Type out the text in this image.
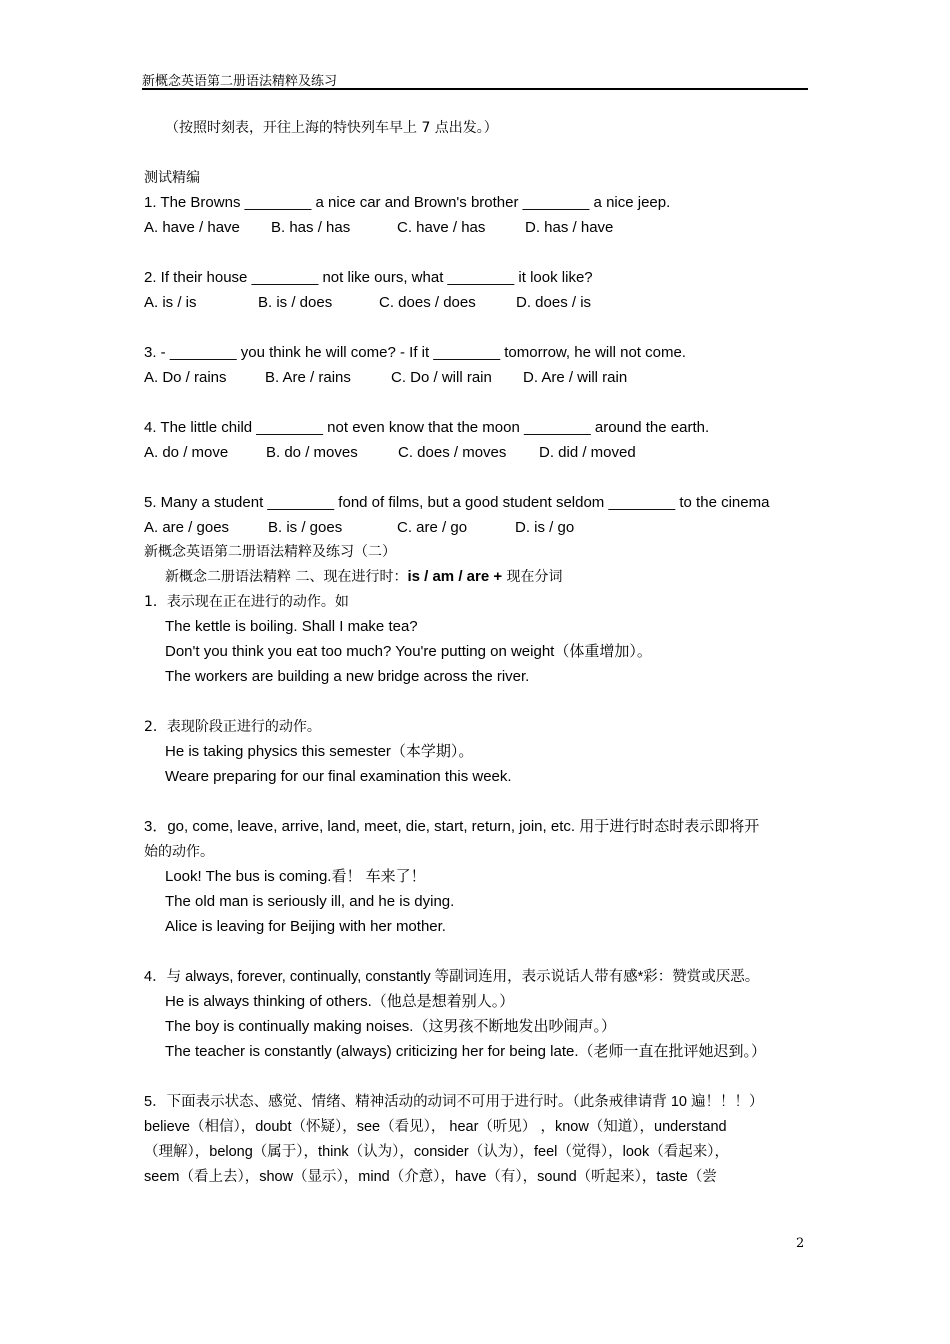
新概念英语第二册语法精粹及练习
（按照时刻表，开往上海的特快列车早上 7 点出发。）
测试精编
1. The Browns ________ a nice car and Brown's brother ________ a nice jeep.
A. have / have B. has / has	C. have / has	D. has / have
2. If their house ________ not like ours, what ________ it look like?
A. is / is	B. is / does	C. does / does	D. does / is
3. - ________ you think he will come? - If it ________ tomorrow, he will not come.
A. Do / rains	B. Are / rains	C. Do / will rain D. Are / will rain
4. The little child ________ not even know that the moon ________ around the earth.
A. do / move	B. do / moves	C. does / moves D. did / moved
5. Many a student ________ fond of films, but a good student seldom ________ to the cinema
A. are / goes	B. is / goes	C. are / go	D. is / go
新概念英语第二册语法精粹及练习（二）
新概念二册语法精粹 二、现在进行时：is / am / are + 现在分词
1．表示现在正在进行的动作。如
The kettle is boiling. Shall I make tea?
Don't you think you eat too much? You're putting on weight（体重增加）。
The workers are building a new bridge across the river.
2．表现阶段正进行的动作。
He is taking physics this semester（本学期）。
Weare preparing for our final examination this week.
3．go, come, leave, arrive, land, meet, die, start, return, join, etc. 用于进行时态时表示即将开
始的动作。
Look! The bus is coming.看！ 车来了！
The old man is seriously ill, and he is dying.
Alice is leaving for Beijing with her mother.
4．与 always, forever, continually, constantly 等副词连用，表示说话人带有感*彩：赞赏或厌恶。
He is always thinking of others.（他总是想着别人。）
The boy is continually making noises.（这男孩不断地发出吵闹声。）
The teacher is constantly (always) criticizing her for being late.（老师一直在批评她迟到。）
5．下面表示状态、感觉、情绪、精神活动的动词不可用于进行时。（此条戒律请背 10 遍！！！）
believe（相信），doubt（怀疑），see（看见）， hear（听见） ，know（知道），understand
（理解），belong（属于），think（认为），consider（认为），feel（觉得），look（看起来），
seem（看上去），show（显示），mind（介意），have（有），sound（听起来），taste（尝
2
